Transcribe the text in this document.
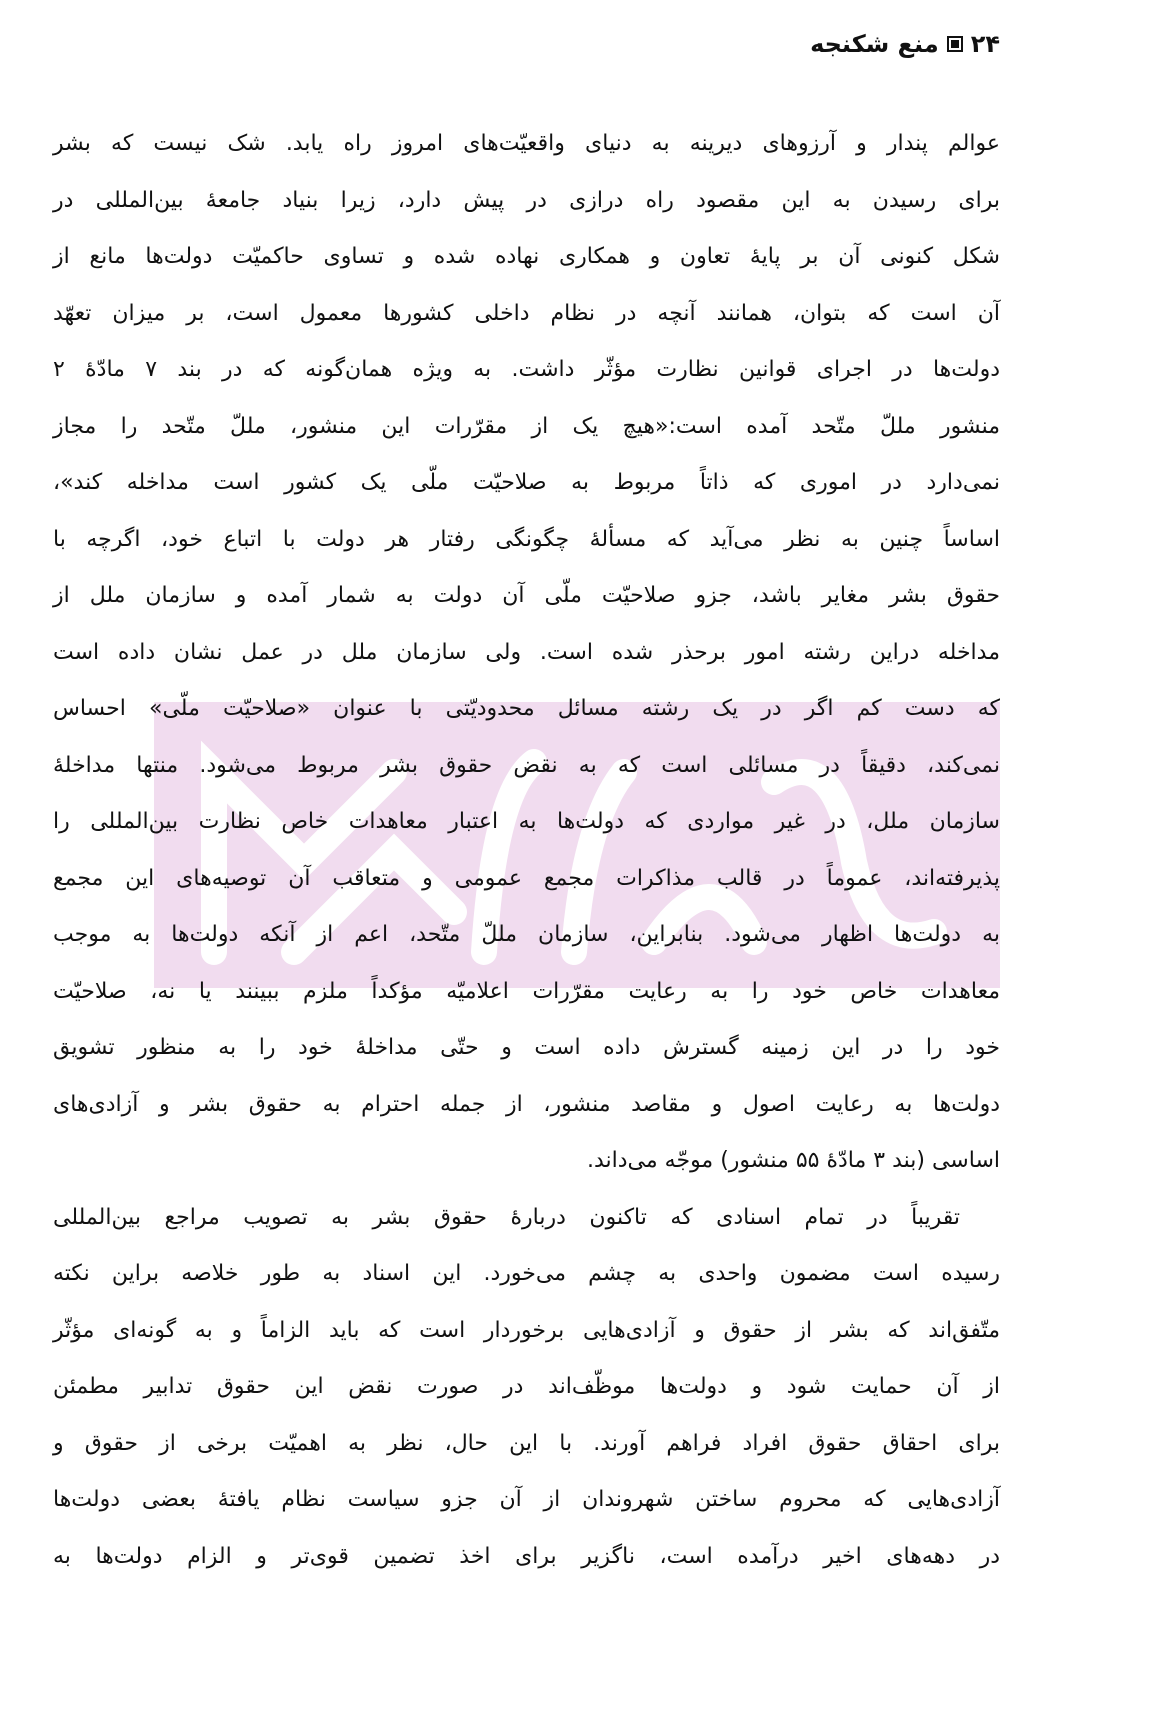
۲۴
منع شکنجه
عوالم پندار و آرزوهای دیرینه به دنیای واقعیّت‌های امروز راه یابد. شک نیست که بشر
برای رسیدن به این مقصود راه درازی در پیش دارد، زیرا بنیاد جامعهٔ بین‌المللی در
شکل کنونی آن بر پایهٔ تعاون و همکاری نهاده شده و تساوی حاکمیّت دولت‌ها مانع از
آن است که بتوان، همانند آنچه در نظام داخلی کشورها معمول است، بر میزان تعهّد
دولت‌ها در اجرای قوانین نظارت مؤثّر داشت. به ویژه همان‌گونه که در بند ۷ مادّهٔ ۲
منشور مللّ متّحد آمده است:«هیچ یک از مقرّرات این منشور، مللّ متّحد را مجاز
نمی‌دارد در اموری که ذاتاً مربوط به صلاحیّت ملّی یک کشور است مداخله کند»،
اساساً چنین به نظر می‌آید که مسألهٔ چگونگی رفتار هر دولت با اتباع خود، اگرچه با
حقوق بشر مغایر باشد، جزو صلاحیّت ملّی آن دولت به شمار آمده و سازمان ملل از
مداخله دراین رشته امور برحذر شده است. ولی سازمان ملل در عمل نشان داده است
که دست کم اگر در یک رشته مسائل محدودیّتی با عنوان «صلاحیّت ملّی» احساس
نمی‌کند، دقیقاً در مسائلی است که به نقض حقوق بشر مربوط می‌شود. منتها مداخلهٔ
سازمان ملل، در غیر مواردی که دولت‌ها به اعتبار معاهدات خاص نظارت بین‌المللی را
پذیرفته‌اند، عموماً در قالب مذاکرات مجمع عمومی و متعاقب آن توصیه‌های این مجمع
به دولت‌ها اظهار می‌شود. بنابراین، سازمان مللّ متّحد، اعم از آنکه دولت‌ها به موجب
معاهدات خاص خود را به رعایت مقرّرات اعلامیّه مؤکداً ملزم ببینند یا نه، صلاحیّت
خود را در این زمینه گسترش داده است و حتّی مداخلهٔ خود را به منظور تشویق
دولت‌ها به رعایت اصول و مقاصد منشور، از جمله احترام به حقوق بشر و آزادی‌های
اساسی (بند ۳ مادّهٔ ۵۵ منشور) موجّه می‌داند.
تقریباً در تمام اسنادی که تاکنون دربارهٔ حقوق بشر به تصویب مراجع بین‌المللی
رسیده است مضمون واحدی به چشم می‌خورد. این اسناد به طور خلاصه براین نکته
متّفق‌اند که بشر از حقوق و آزادی‌هایی برخوردار است که باید الزاماً و به گونه‌ای مؤثّر
از آن حمایت شود و دولت‌ها موظّف‌اند در صورت نقض این حقوق تدابیر مطمئن
برای احقاق حقوق افراد فراهم آورند. با این حال، نظر به اهمیّت برخی از حقوق و
آزادی‌هایی که محروم ساختن شهروندان از آن جزو سیاست نظام یافتهٔ بعضی دولت‌ها
در دهه‌های اخیر درآمده است، ناگزیر برای اخذ تضمین قوی‌تر و الزام دولت‌ها به
